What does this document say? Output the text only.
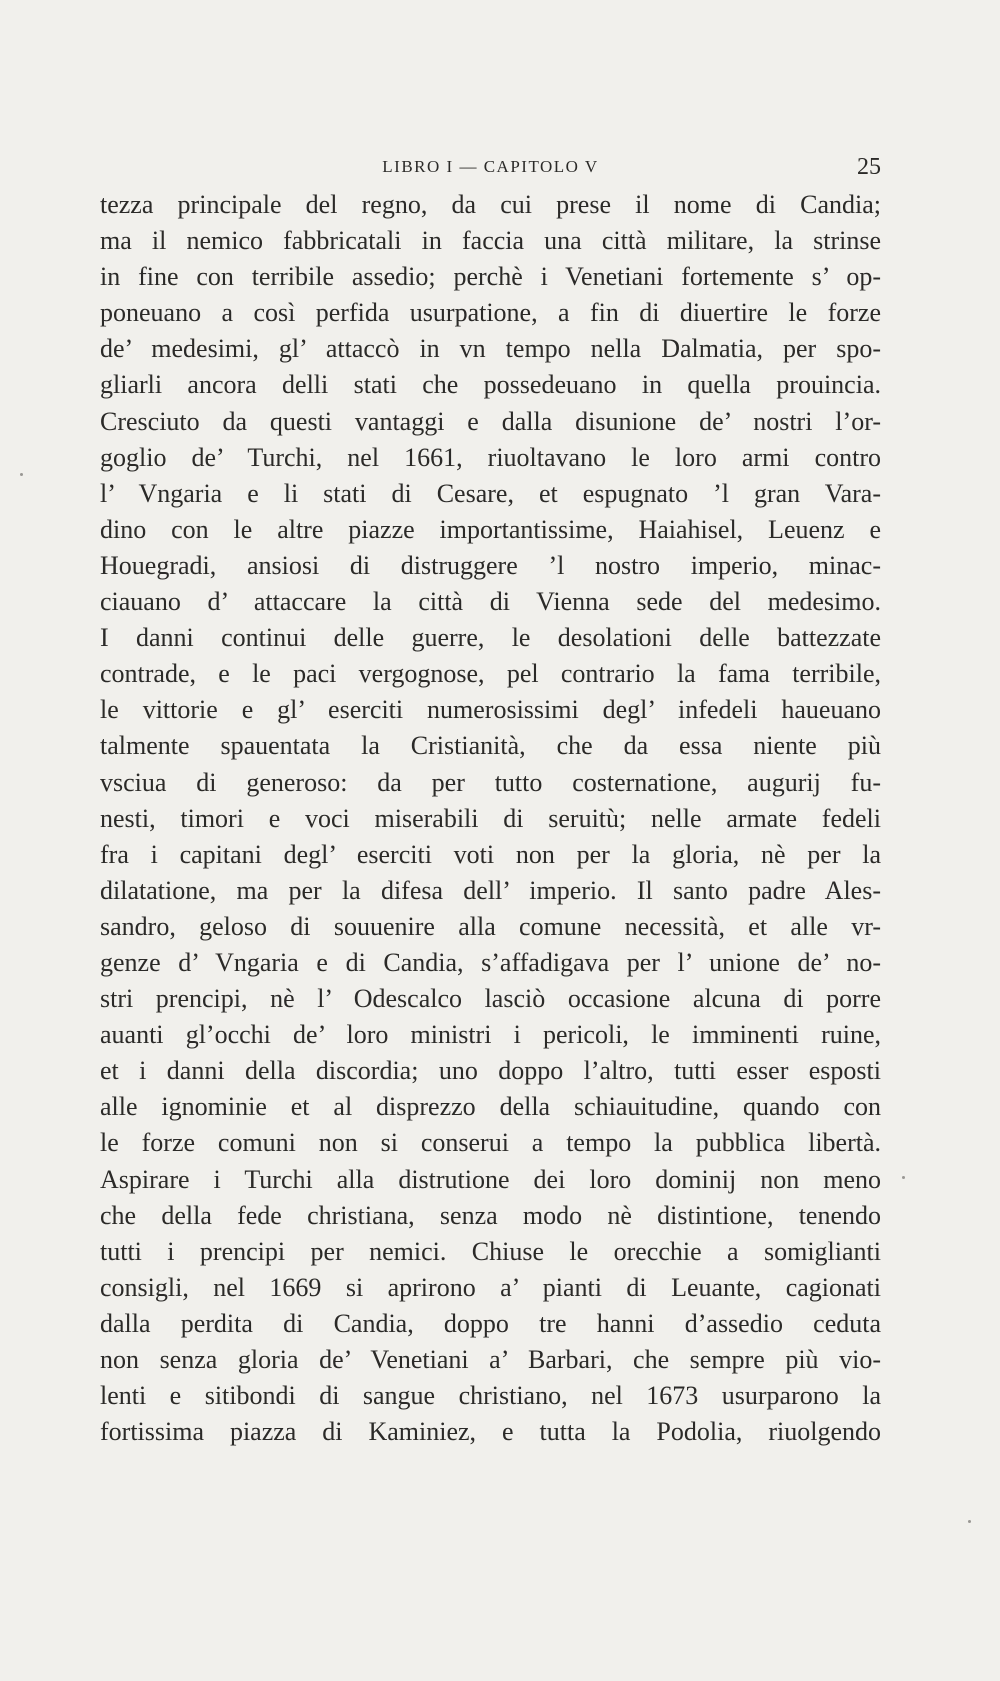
LIBRO I — CAPITOLO V	25
tezza principale del regno, da cui prese il nome di Candia;
ma il nemico fabbricatali in faccia una città militare, la strinse
in fine con terribile assedio; perchè i Venetiani fortemente s’ op-
poneuano a così perfida usurpatione, a fin di diuertire le forze
de’ medesimi, gl’ attaccò in vn tempo nella Dalmatia, per spo-
gliarli ancora delli stati che possedeuano in quella prouincia.
Cresciuto da questi vantaggi e dalla disunione de’ nostri l’or-
goglio de’ Turchi, nel 1661, riuoltavano le loro armi contro
l’ Vngaria e li stati di Cesare, et espugnato ’l gran Vara-
dino con le altre piazze importantissime, Haiahisel, Leuenz e
Houegradi, ansiosi di distruggere ’l nostro imperio, minac-
ciauano d’ attaccare la città di Vienna sede del medesimo.
I danni continui delle guerre, le desolationi delle battezzate
contrade, e le paci vergognose, pel contrario la fama terribile,
le vittorie e gl’ eserciti numerosissimi degl’ infedeli haueuano
talmente spauentata la Cristianità, che da essa niente più
vsciua di generoso: da per tutto costernatione, augurij fu-
nesti, timori e voci miserabili di seruitù; nelle armate fedeli
fra i capitani degl’ eserciti voti non per la gloria, nè per la
dilatatione, ma per la difesa dell’ imperio. Il santo padre Ales-
sandro, geloso di souuenire alla comune necessità, et alle vr-
genze d’ Vngaria e di Candia, s’affadigava per l’ unione de’ no-
stri prencipi, nè l’ Odescalco lasciò occasione alcuna di porre
auanti gl’occhi de’ loro ministri i pericoli, le imminenti ruine,
et i danni della discordia; uno doppo l’altro, tutti esser esposti
alle ignominie et al disprezzo della schiauitudine, quando con
le forze comuni non si conserui a tempo la pubblica libertà.
Aspirare i Turchi alla distrutione dei loro dominij non meno
che della fede christiana, senza modo nè distintione, tenendo
tutti i prencipi per nemici. Chiuse le orecchie a somiglianti
consigli, nel 1669 si aprirono a’ pianti di Leuante, cagionati
dalla perdita di Candia, doppo tre hanni d’assedio ceduta
non senza gloria de’ Venetiani a’ Barbari, che sempre più vio-
lenti e sitibondi di sangue christiano, nel 1673 usurparono la
fortissima piazza di Kaminiez, e tutta la Podolia, riuolgendo
